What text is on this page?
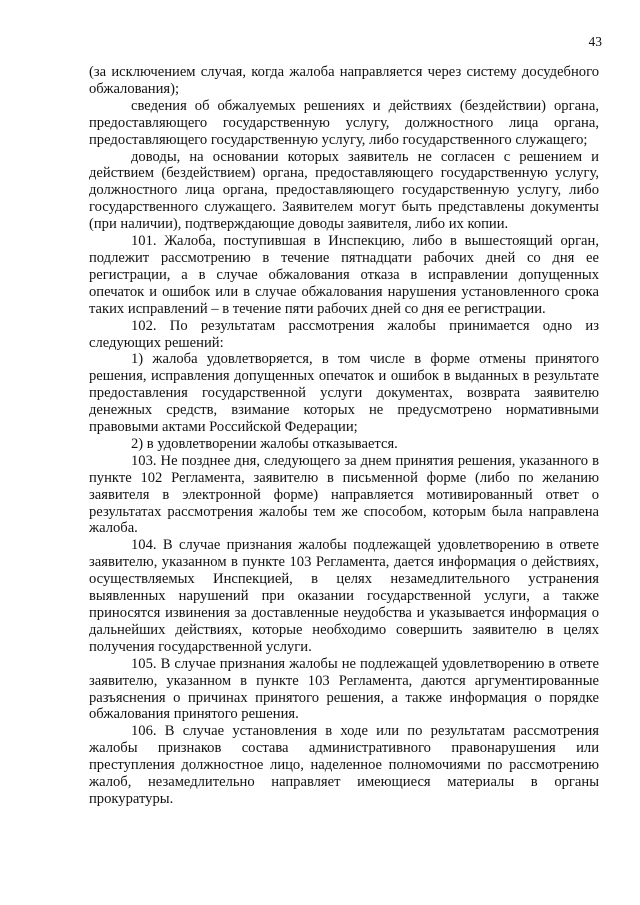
43

(за исключением случая, когда жалоба направляется через систему досудебного обжалования);

сведения об обжалуемых решениях и действиях (бездействии) органа, предоставляющего государственную услугу, должностного лица органа, предоставляющего государственную услугу, либо государственного служащего;

доводы, на основании которых заявитель не согласен с решением и действием (бездействием) органа, предоставляющего государственную услугу, должностного лица органа, предоставляющего государственную услугу, либо государственного служащего. Заявителем могут быть представлены документы (при наличии), подтверждающие доводы заявителя, либо их копии.

101. Жалоба, поступившая в Инспекцию, либо в вышестоящий орган, подлежит рассмотрению в течение пятнадцати рабочих дней со дня ее регистрации, а в случае обжалования отказа в исправлении допущенных опечаток и ошибок или в случае обжалования нарушения установленного срока таких исправлений – в течение пяти рабочих дней со дня ее регистрации.

102. По результатам рассмотрения жалобы принимается одно из следующих решений:

1) жалоба удовлетворяется, в том числе в форме отмены принятого решения, исправления допущенных опечаток и ошибок в выданных в результате предоставления государственной услуги документах, возврата заявителю денежных средств, взимание которых не предусмотрено нормативными правовыми актами Российской Федерации;

2) в удовлетворении жалобы отказывается.

103. Не позднее дня, следующего за днем принятия решения, указанного в пункте 102 Регламента, заявителю в письменной форме (либо по желанию заявителя в электронной форме) направляется мотивированный ответ о результатах рассмотрения жалобы тем же способом, которым была направлена жалоба.

104. В случае признания жалобы подлежащей удовлетворению в ответе заявителю, указанном в пункте 103 Регламента, дается информация о действиях, осуществляемых Инспекцией, в целях незамедлительного устранения выявленных нарушений при оказании государственной услуги, а также приносятся извинения за доставленные неудобства и указывается информация о дальнейших действиях, которые необходимо совершить заявителю в целях получения государственной услуги.

105. В случае признания жалобы не подлежащей удовлетворению в ответе заявителю, указанном в пункте 103 Регламента, даются аргументированные разъяснения о причинах принятого решения, а также информация о порядке обжалования принятого решения.

106. В случае установления в ходе или по результатам рассмотрения жалобы признаков состава административного правонарушения или преступления должностное лицо, наделенное полномочиями по рассмотрению жалоб, незамедлительно направляет имеющиеся материалы в органы прокуратуры.
